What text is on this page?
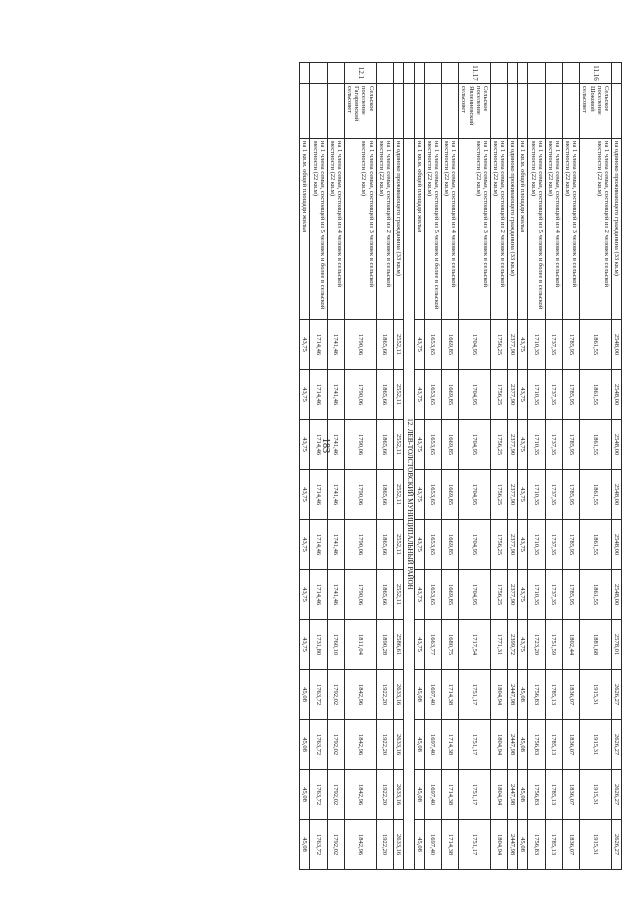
183
		на одиноко проживающего гражданина (33 кв.м)	2548,00	2548,00	2548,00	2548,00	2548,00	2548,00	2578,01	2626,27	2626,27	2626,27	2626,27
11.16	Сельское поселение Шоковой сельсовет	на 1 члена семьи, состоящей из 2 человек в сельской местности (22 кв.м)	1861,55	1861,55	1861,55	1861,55	1861,55	1861,55	1881,68	1915,31	1915,31	1915,31	1915,31
		на 1 члена семьи, состоящей из 3 человек в сельской местности (22 кв.м)	1785,95	1785,95	1785,95	1785,95	1785,95	1785,95	1802,44	1836,07	1836,07	1836,07	1836,07
		на 1 члена семьи, состоящей из 4 человек в сельской местности (22 кв.м)	1737,35	1737,35	1737,35	1737,35	1737,35	1737,35	1751,59	1785,13	1785,13	1785,13	1785,13
		на 1 члена семьи, состоящей из 5 человек и более в сельской местности (22 кв.м)	1710,35	1710,35	1710,35	1710,35	1710,35	1710,35	1723,20	1756,83	1756,83	1756,83	1756,83
		на 1 кв.м. общей площади жилья	43,75	43,75	43,75	43,75	43,75	43,75	43,75	45,08	45,08	45,08	45,08
		на одиноко проживающего гражданина (33 кв.м)	2377,90	2377,90	2377,90	2377,90	2377,90	2377,90	2399,72	2447,98	2447,98	2447,98	2447,98
		на 1 члена семьи, состоящей из 2 человек в сельской местности (22 кв.м)	1756,25	1756,25	1756,25	1756,25	1756,25	1756,25	1771,31	1804,94	1804,94	1804,94	1804,94
11.17	Сельское поселение Явлениевский сельсовет	на 1 члена семьи, состоящей из 3 человек в сельской местности (22 кв.м)	1704,95	1704,95	1704,95	1704,95	1704,95	1704,95	1717,54	1751,17	1751,17	1751,17	1751,17
		на 1 члена семьи, состоящей из 4 человек в сельской местности (22 кв.м)	1669,85	1669,85	1669,85	1669,85	1669,85	1669,85	1680,75	1714,38	1714,38	1714,38	1714,38
		на 1 члена семьи, состоящей из 5 человек и более в сельской местности (22 кв.м)	1653,65	1653,65	1653,65	1653,65	1653,65	1653,65	1663,77	1697,40	1697,40	1697,40	1697,40
		на 1 кв.м. общей площади жилья	43,75	43,75	43,75	43,75	43,75	43,73	43,75	45,08	45,08	45,08	45,08
		12. ЛЕВ-ТОЛСТОВСКИЙ МУНИЦИПАЛЬНЫЙ РАЙОН											
		на одиноко проживающего гражданина (33 кв.м)	2552,11	2552,11	2552,11	2552,11	2552,11	2552,11	2586,61	2633,16	2633,16	2633,16	2633,16
		на 1 члена семьи, состоящей из 2 человек в сельской местности (22 кв.м)	1865,66	1865,66	1865,66	1865,66	1865,66	1865,66	1890,28	1922,20	1922,20	1922,20	1922,20
12.1	Сельское поселение Гагаринский сельсовет	на 1 члена семьи, состоящей из 3 человек в сельской местности (22 кв.м)	1790,06	1790,06	1790,06	1790,06	1790,06	1790,06	1811,04	1842,96	1842,96	1842,96	1842,96
		на 1 члена семьи, состоящей из 4 человек в сельской местности (22 кв.м)	1741,46	1741,46	1741,46	1741,46	1741,46	1741,46	1760,10	1792,02	1792,02	1792,02	1792,02
		на 1 члена семьи, состоящей из 5 человек и более в сельской местности (22 кв.м)	1714,46	1714,46	1714,46	1714,46	1714,46	1714,46	1731,80	1763,72	1763,72	1763,72	1763,72
		на 1 кв.м. общей площади жилья	43,75	43,75	43,75	43,75	43,75	43,75	43,75	45,08	45,08	45,08	45,08
